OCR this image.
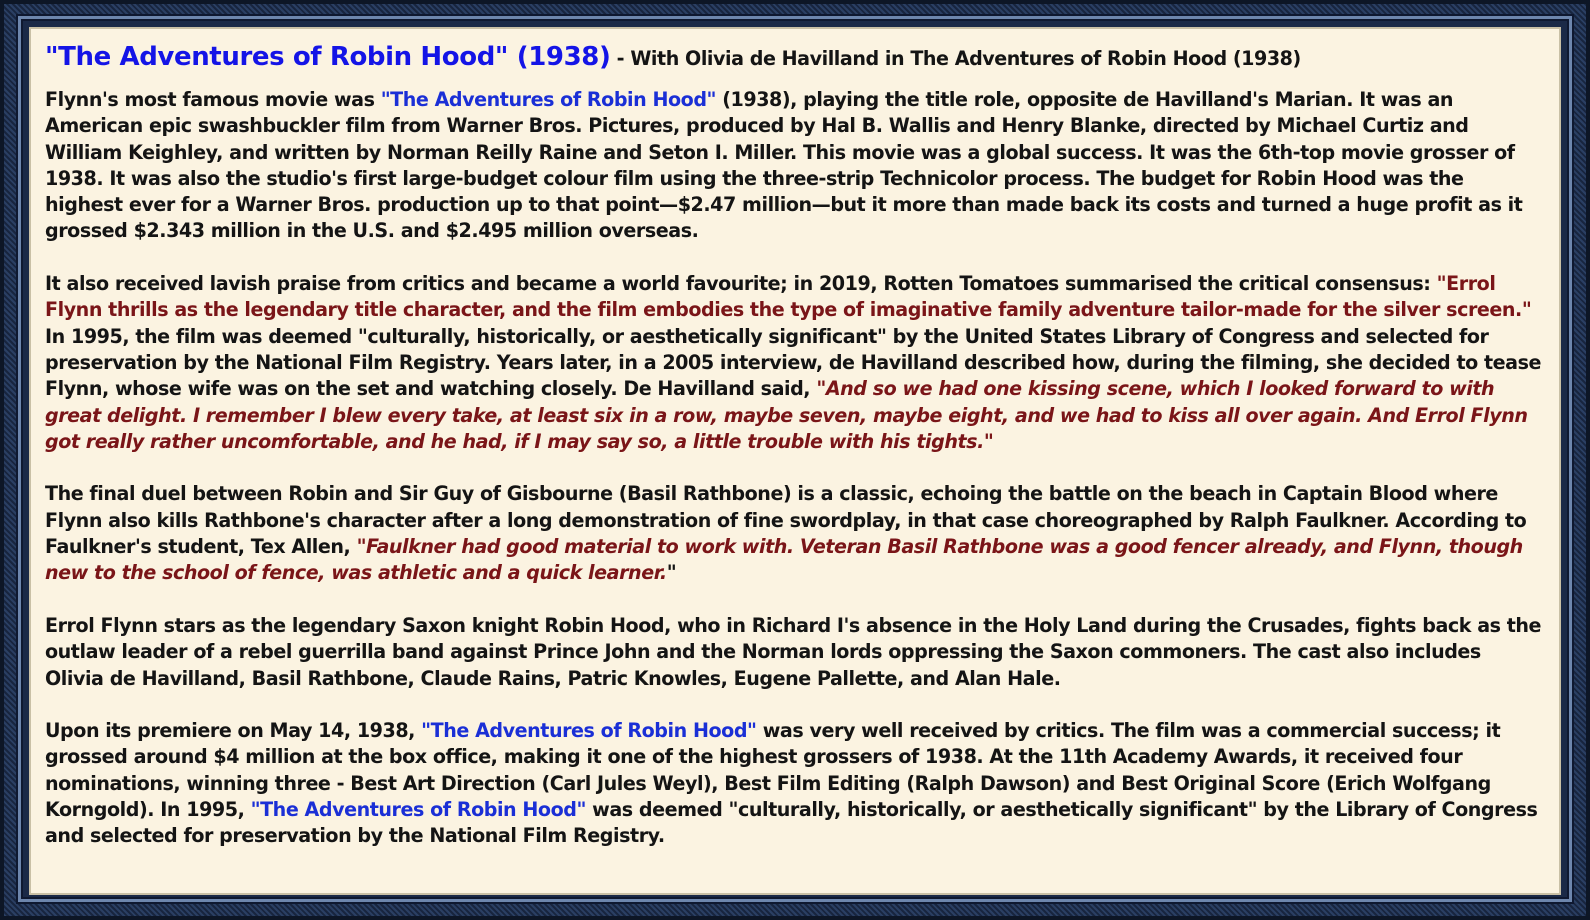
"The Adventures of Robin Hood" (1938) - With Olivia de Havilland in The Adventures of Robin Hood (1938)

Flynn's most famous movie was "The Adventures of Robin Hood" (1938), playing the title role, opposite de Havilland's Marian. It was an American epic swashbuckler film from Warner Bros. Pictures, produced by Hal B. Wallis and Henry Blanke, directed by Michael Curtiz and William Keighley, and written by Norman Reilly Raine and Seton I. Miller. This movie was a global success. It was the 6th-top movie grosser of 1938. It was also the studio's first large-budget colour film using the three-strip Technicolor process. The budget for Robin Hood was the highest ever for a Warner Bros. production up to that point—$2.47 million—but it more than made back its costs and turned a huge profit as it grossed $2.343 million in the U.S. and $2.495 million overseas.

It also received lavish praise from critics and became a world favourite; in 2019, Rotten Tomatoes summarised the critical consensus: "Errol Flynn thrills as the legendary title character, and the film embodies the type of imaginative family adventure tailor-made for the silver screen." In 1995, the film was deemed "culturally, historically, or aesthetically significant" by the United States Library of Congress and selected for preservation by the National Film Registry. Years later, in a 2005 interview, de Havilland described how, during the filming, she decided to tease Flynn, whose wife was on the set and watching closely. De Havilland said, "And so we had one kissing scene, which I looked forward to with great delight. I remember I blew every take, at least six in a row, maybe seven, maybe eight, and we had to kiss all over again. And Errol Flynn got really rather uncomfortable, and he had, if I may say so, a little trouble with his tights."

The final duel between Robin and Sir Guy of Gisbourne (Basil Rathbone) is a classic, echoing the battle on the beach in Captain Blood where Flynn also kills Rathbone's character after a long demonstration of fine swordplay, in that case choreographed by Ralph Faulkner. According to Faulkner's student, Tex Allen, "Faulkner had good material to work with. Veteran Basil Rathbone was a good fencer already, and Flynn, though new to the school of fence, was athletic and a quick learner."

Errol Flynn stars as the legendary Saxon knight Robin Hood, who in Richard I's absence in the Holy Land during the Crusades, fights back as the outlaw leader of a rebel guerrilla band against Prince John and the Norman lords oppressing the Saxon commoners. The cast also includes Olivia de Havilland, Basil Rathbone, Claude Rains, Patric Knowles, Eugene Pallette, and Alan Hale.

Upon its premiere on May 14, 1938, "The Adventures of Robin Hood" was very well received by critics. The film was a commercial success; it grossed around $4 million at the box office, making it one of the highest grossers of 1938. At the 11th Academy Awards, it received four nominations, winning three - Best Art Direction (Carl Jules Weyl), Best Film Editing (Ralph Dawson) and Best Original Score (Erich Wolfgang Korngold). In 1995, "The Adventures of Robin Hood" was deemed "culturally, historically, or aesthetically significant" by the Library of Congress and selected for preservation by the National Film Registry.
